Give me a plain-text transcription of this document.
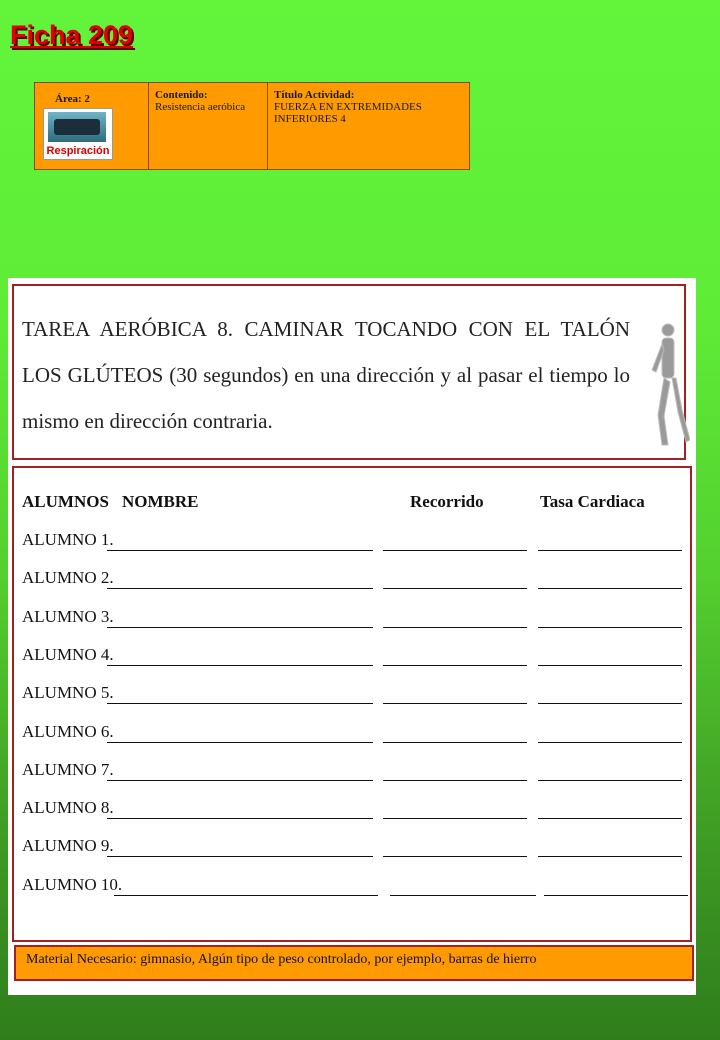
Ficha 209
Área: 2
Respiración
Contenido:
Resistencia aeróbica
Título Actividad:
FUERZA EN EXTREMIDADES INFERIORES 4
TAREA AERÓBICA 8. CAMINAR TOCANDO CON EL TALÓN LOS GLÚTEOS (30 segundos) en una dirección y al pasar el tiempo lo mismo en dirección contraria.
ALUMNOS NOMBRE	Recorrido	Tasa Cardiaca
ALUMNO 1.
ALUMNO 2.
ALUMNO 3.
ALUMNO 4.
ALUMNO 5.
ALUMNO 6.
ALUMNO 7.
ALUMNO 8.
ALUMNO 9.
ALUMNO 10.
Material Necesario: gimnasio, Algún tipo de peso controlado, por ejemplo, barras de hierro
